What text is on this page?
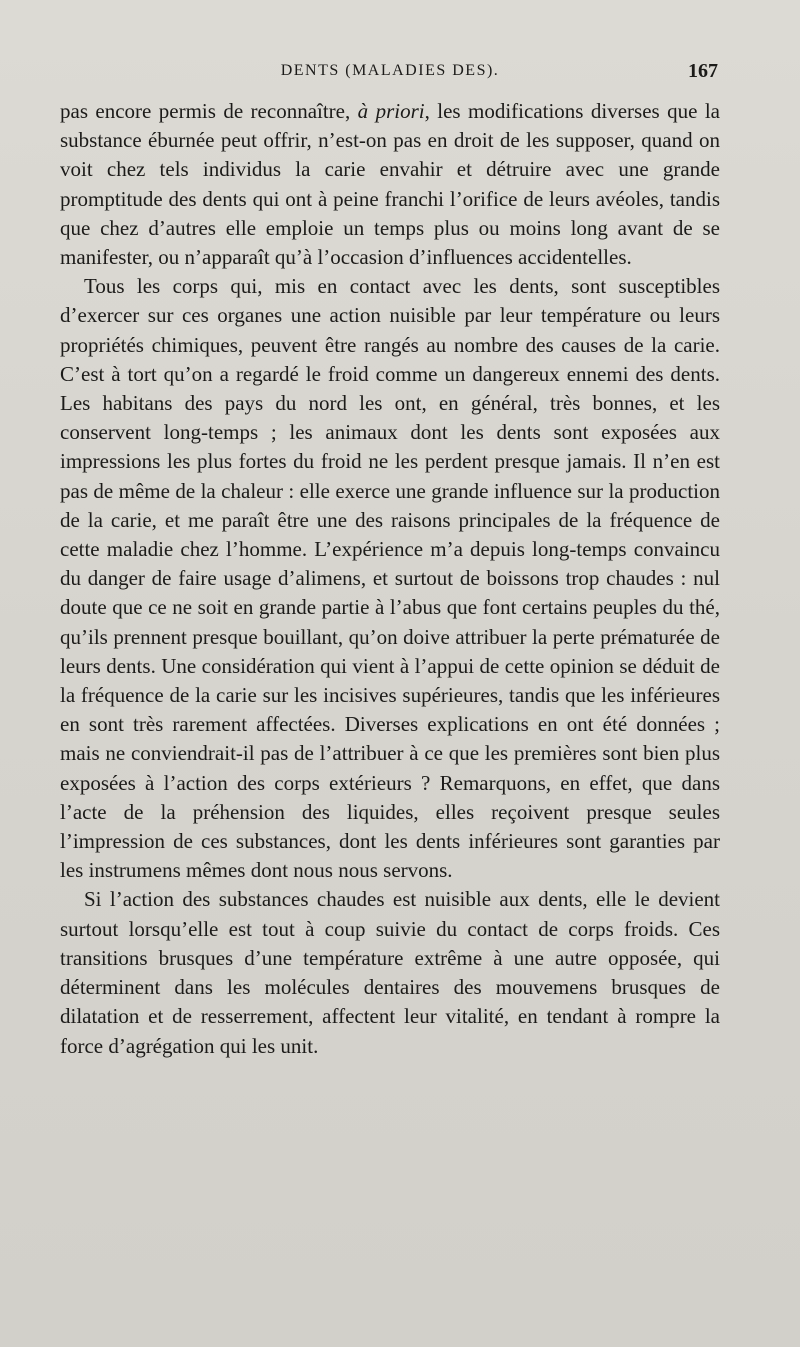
DENTS (MALADIES DES).	167

pas encore permis de reconnaître, à priori, les modifications diverses que la substance éburnée peut offrir, n’est-on pas en droit de les supposer, quand on voit chez tels individus la carie envahir et détruire avec une grande promptitude des dents qui ont à peine franchi l’orifice de leurs avéoles, tandis que chez d’autres elle emploie un temps plus ou moins long avant de se manifester, ou n’apparaît qu’à l’occasion d’influences accidentelles.

Tous les corps qui, mis en contact avec les dents, sont susceptibles d’exercer sur ces organes une action nuisible par leur température ou leurs propriétés chimiques, peuvent être rangés au nombre des causes de la carie. C’est à tort qu’on a regardé le froid comme un dangereux ennemi des dents. Les habitans des pays du nord les ont, en général, très bonnes, et les conservent long-temps ; les animaux dont les dents sont exposées aux impressions les plus fortes du froid ne les perdent presque jamais. Il n’en est pas de même de la chaleur : elle exerce une grande influence sur la production de la carie, et me paraît être une des raisons principales de la fréquence de cette maladie chez l’homme. L’expérience m’a depuis long-temps convaincu du danger de faire usage d’alimens, et surtout de boissons trop chaudes : nul doute que ce ne soit en grande partie à l’abus que font certains peuples du thé, qu’ils prennent presque bouillant, qu’on doive attribuer la perte prématurée de leurs dents. Une considération qui vient à l’appui de cette opinion se déduit de la fréquence de la carie sur les incisives supérieures, tandis que les inférieures en sont très rarement affectées. Diverses explications en ont été données ; mais ne conviendrait-il pas de l’attribuer à ce que les premières sont bien plus exposées à l’action des corps extérieurs ? Remarquons, en effet, que dans l’acte de la préhension des liquides, elles reçoivent presque seules l’impression de ces substances, dont les dents inférieures sont garanties par les instrumens mêmes dont nous nous servons.

Si l’action des substances chaudes est nuisible aux dents, elle le devient surtout lorsqu’elle est tout à coup suivie du contact de corps froids. Ces transitions brusques d’une température extrême à une autre opposée, qui déterminent dans les molécules dentaires des mouvemens brusques de dilatation et de resserrement, affectent leur vitalité, en tendant à rompre la force d’agrégation qui les unit.
